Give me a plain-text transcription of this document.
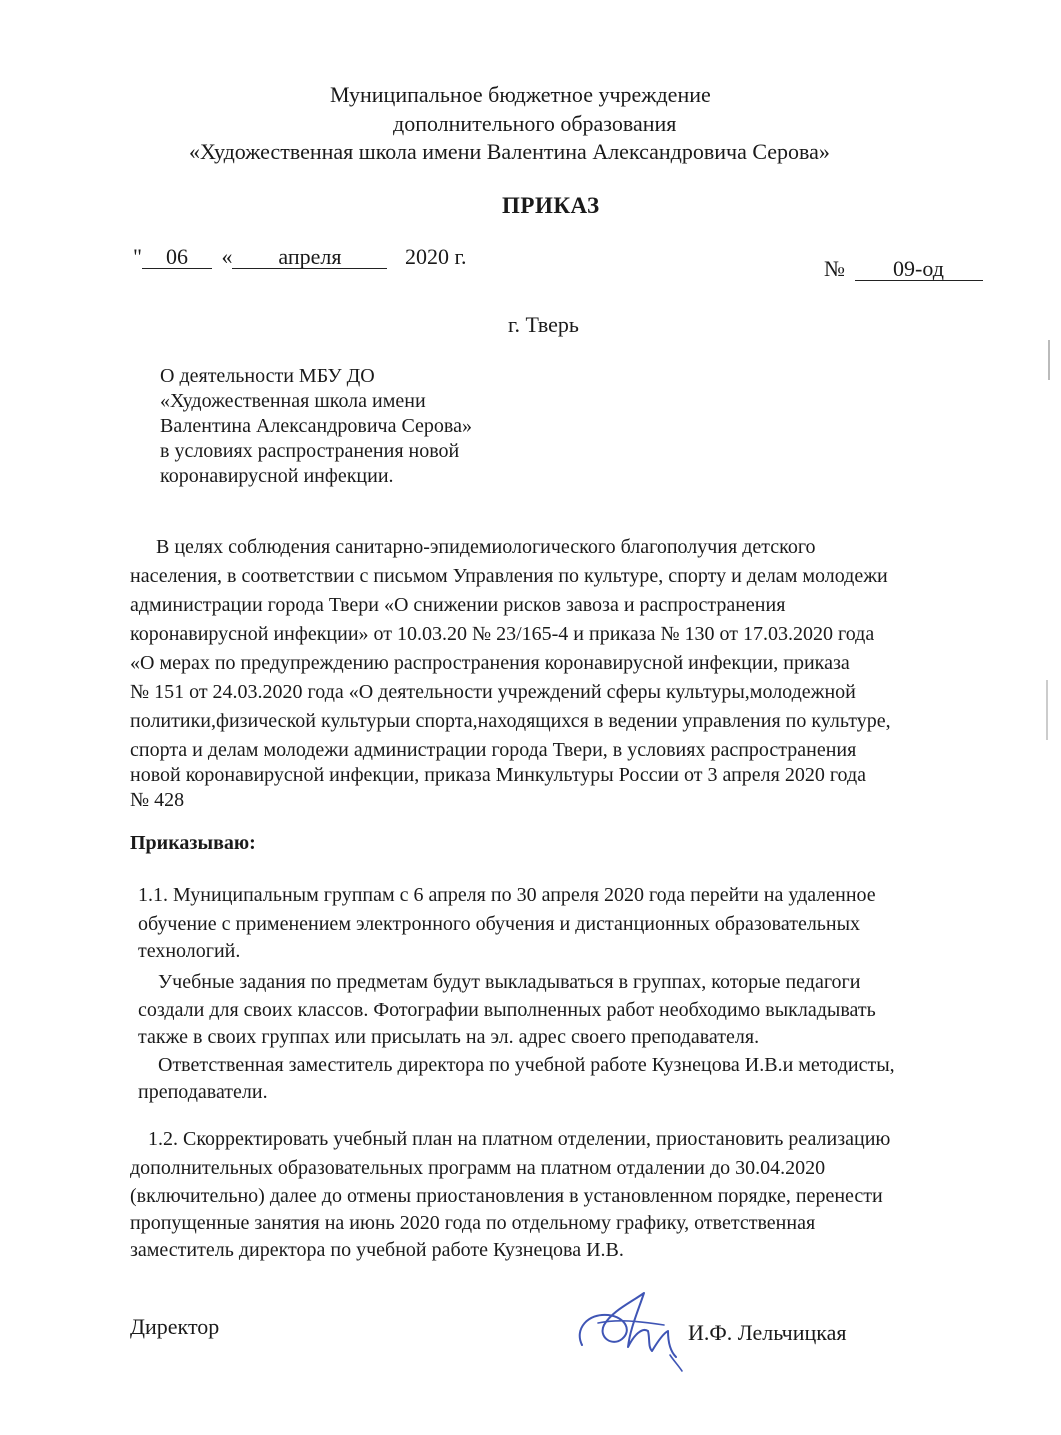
Муниципальное бюджетное учреждение
дополнительного образования
«Художественная школа имени Валентина Александровича Серова»
ПРИКАЗ
" 06 « апреля	2020 г.	№ 09-од
г. Тверь
О деятельности МБУ ДО
«Художественная школа имени
Валентина Александровича Серова»
в условиях распространения новой
коронавирусной инфекции.
В целях соблюдения санитарно-эпидемиологического благополучия детского
населения, в соответствии с письмом Управления по культуре, спорту и делам молодежи
администрации города Твери «О снижении рисков завоза и распространения
коронавирусной инфекции» от 10.03.20 № 23/165-4 и приказа № 130 от 17.03.2020 года
«О мерах по предупреждению распространения коронавирусной инфекции, приказа
№ 151 от 24.03.2020 года «О деятельности учреждений сферы культуры,молодежной
политики,физической культурыи спорта,находящихся в ведении управления по культуре,
спорта и делам молодежи администрации города Твери, в условиях распространения
новой коронавирусной инфекции, приказа Минкультуры России от 3 апреля 2020 года
№ 428
Приказываю:
1.1. Муниципальным группам с 6 апреля по 30 апреля 2020 года перейти на удаленное
обучение с применением электронного обучения и дистанционных образовательных
технологий.
Учебные задания по предметам будут выкладываться в группах, которые педагоги
создали для своих классов. Фотографии выполненных работ необходимо выкладывать
также в своих группах или присылать на эл. адрес своего преподавателя.
Ответственная заместитель директора по учебной работе Кузнецова И.В.и методисты,
преподаватели.
1.2. Скорректировать учебный план на платном отделении, приостановить реализацию
дополнительных образовательных программ на платном отдалении до 30.04.2020
(включительно) далее до отмены приостановления в установленном порядке, перенести
пропущенные занятия на июнь 2020 года по отдельному графику, ответственная
заместитель директора по учебной работе Кузнецова И.В.
Директор	И.Ф. Лельчицкая
